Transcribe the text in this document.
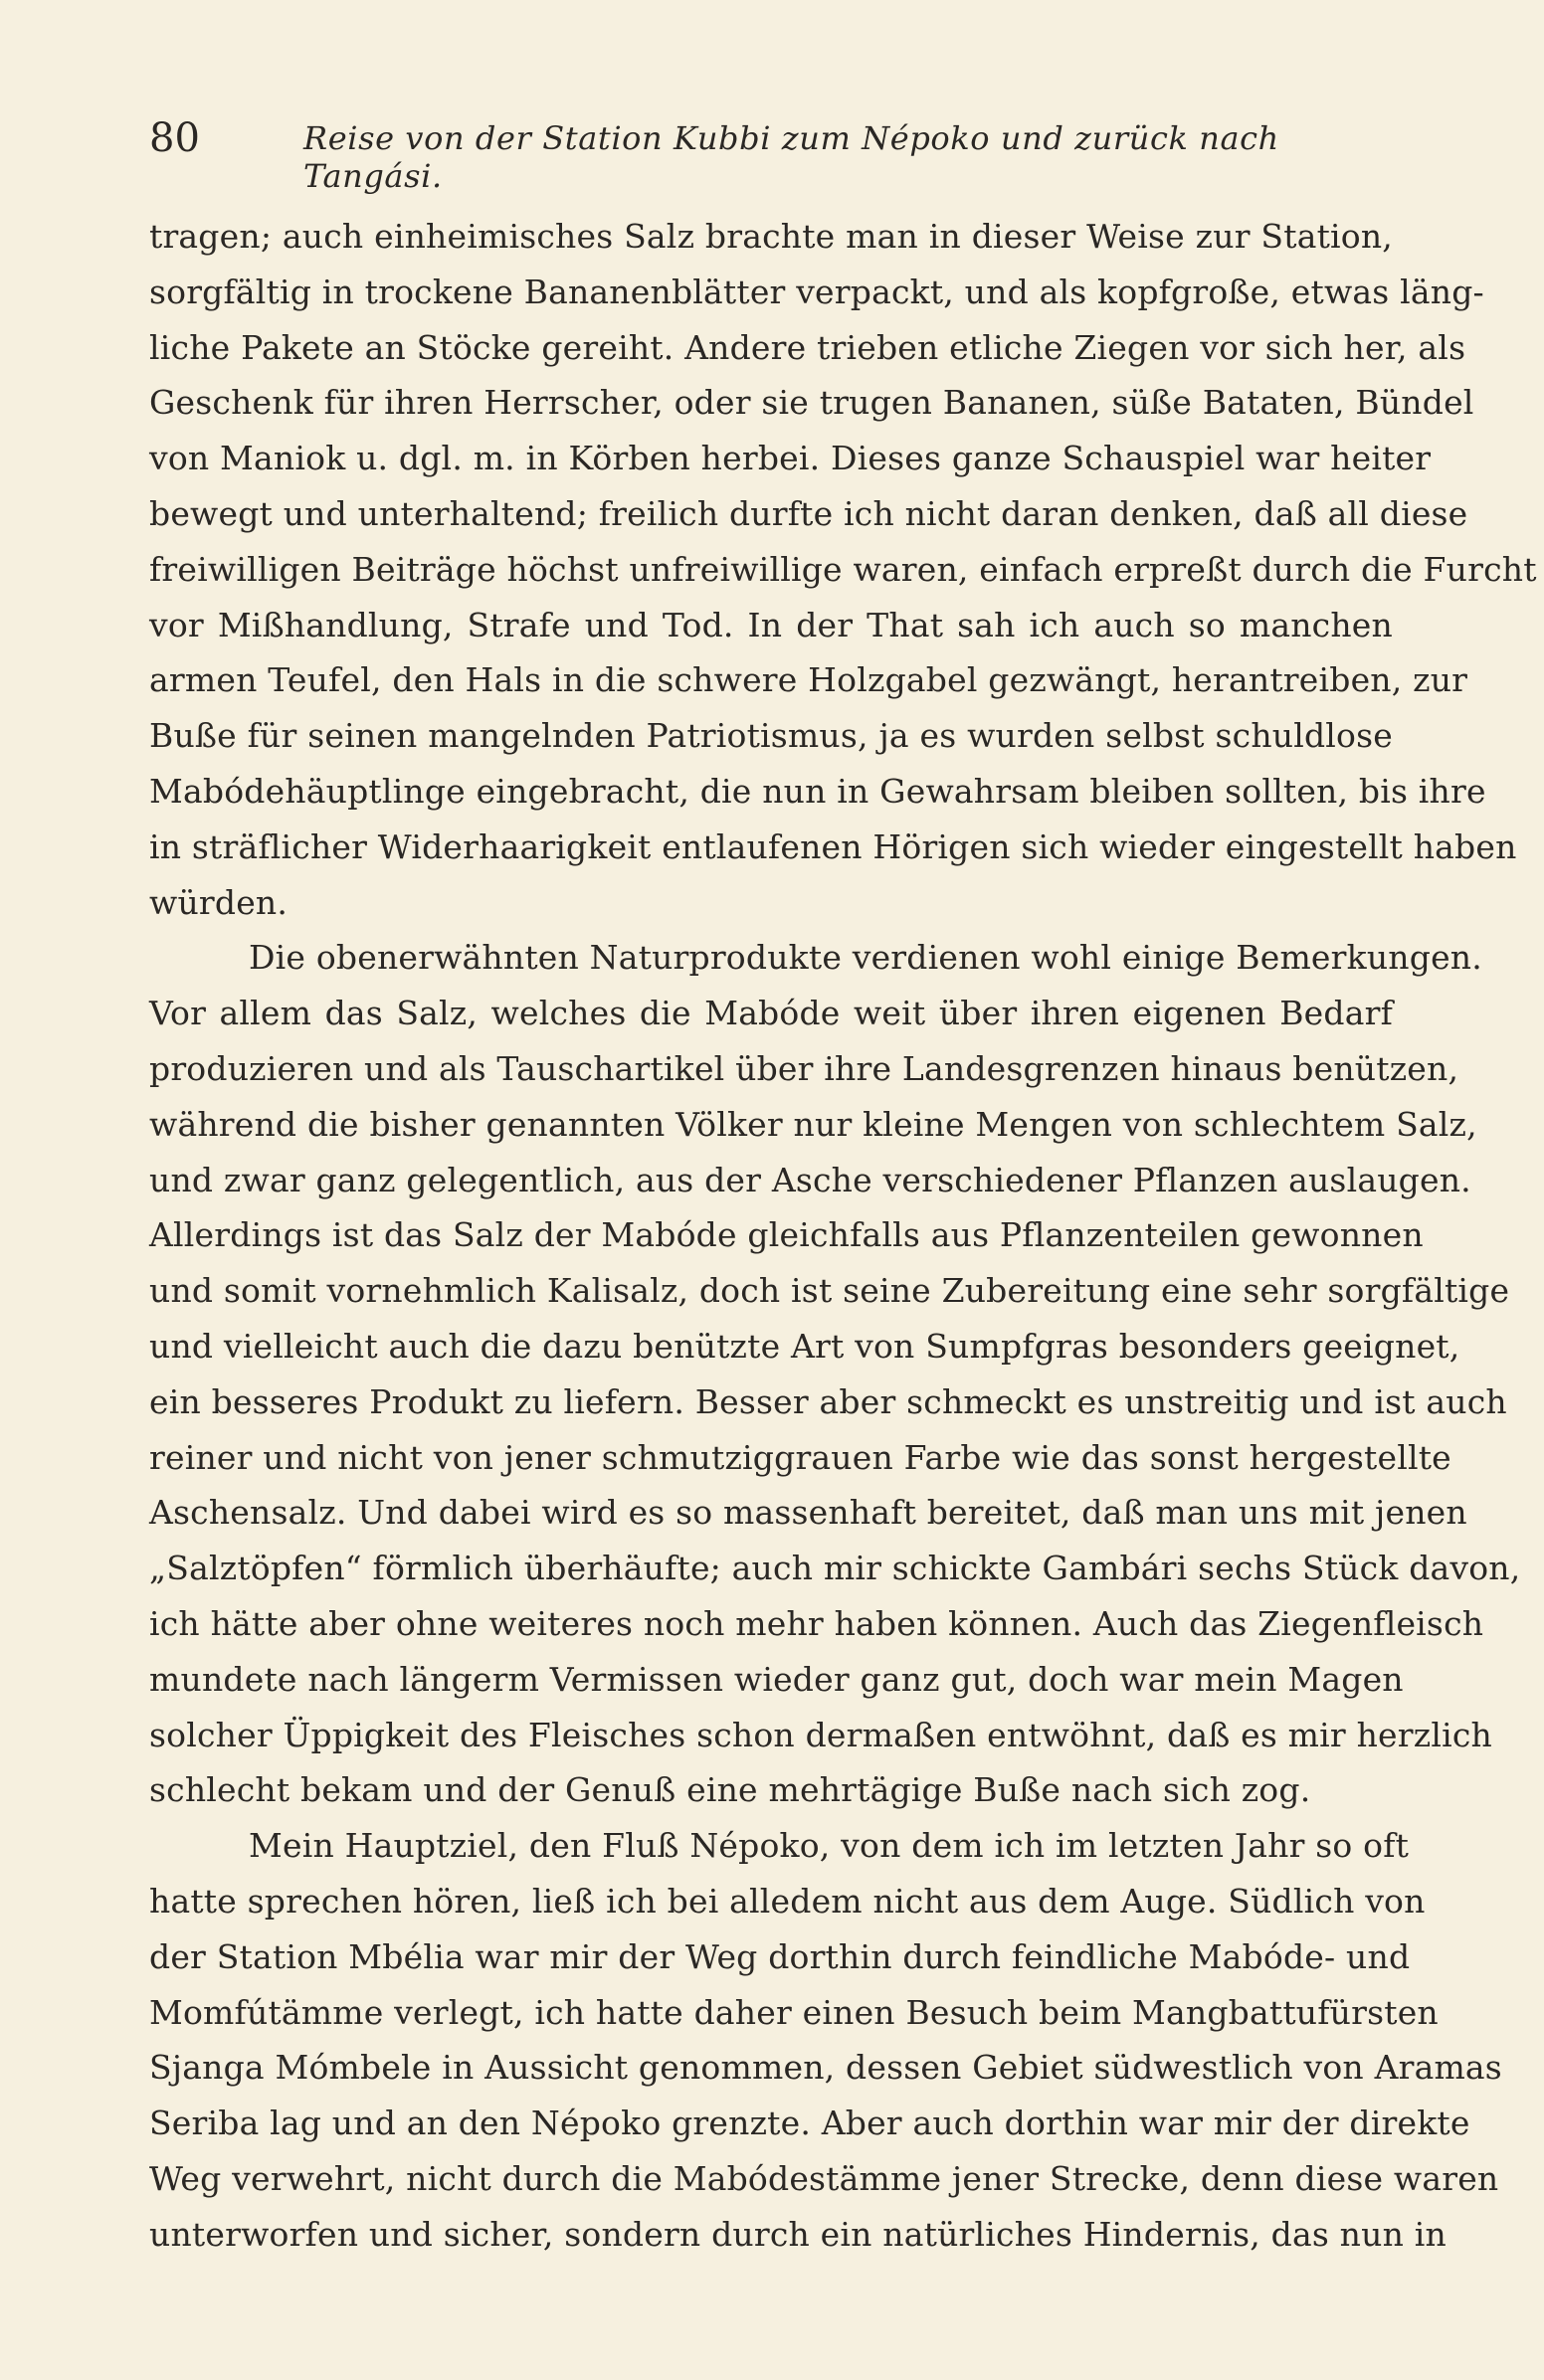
80	Reise von der Station Kubbi zum Népoko und zurück nach Tangási.
tragen; auch einheimisches Salz brachte man in dieser Weise zur Station,
sorgfältig in trockene Bananenblätter verpackt, und als kopfgroße, etwas läng-
liche Pakete an Stöcke gereiht. Andere trieben etliche Ziegen vor sich her, als
Geschenk für ihren Herrscher, oder sie trugen Bananen, süße Bataten, Bündel
von Maniok u. dgl. m. in Körben herbei. Dieses ganze Schauspiel war heiter
bewegt und unterhaltend; freilich durfte ich nicht daran denken, daß all diese
freiwilligen Beiträge höchst unfreiwillige waren, einfach erpreßt durch die Furcht
vor Mißhandlung, Strafe und Tod. In der That sah ich auch so manchen
armen Teufel, den Hals in die schwere Holzgabel gezwängt, herantreiben, zur
Buße für seinen mangelnden Patriotismus, ja es wurden selbst schuldlose
Mabódehäuptlinge eingebracht, die nun in Gewahrsam bleiben sollten, bis ihre
in sträflicher Widerhaarigkeit entlaufenen Hörigen sich wieder eingestellt haben
würden.
Die obenerwähnten Naturprodukte verdienen wohl einige Bemerkungen.
Vor allem das Salz, welches die Mabóde weit über ihren eigenen Bedarf
produzieren und als Tauschartikel über ihre Landesgrenzen hinaus benützen,
während die bisher genannten Völker nur kleine Mengen von schlechtem Salz,
und zwar ganz gelegentlich, aus der Asche verschiedener Pflanzen auslaugen.
Allerdings ist das Salz der Mabóde gleichfalls aus Pflanzenteilen gewonnen
und somit vornehmlich Kalisalz, doch ist seine Zubereitung eine sehr sorgfältige
und vielleicht auch die dazu benützte Art von Sumpfgras besonders geeignet,
ein besseres Produkt zu liefern. Besser aber schmeckt es unstreitig und ist auch
reiner und nicht von jener schmutziggrauen Farbe wie das sonst hergestellte
Aschensalz. Und dabei wird es so massenhaft bereitet, daß man uns mit jenen
„Salztöpfen“ förmlich überhäufte; auch mir schickte Gambári sechs Stück davon,
ich hätte aber ohne weiteres noch mehr haben können. Auch das Ziegenfleisch
mundete nach längerm Vermissen wieder ganz gut, doch war mein Magen
solcher Üppigkeit des Fleisches schon dermaßen entwöhnt, daß es mir herzlich
schlecht bekam und der Genuß eine mehrtägige Buße nach sich zog.
Mein Hauptziel, den Fluß Népoko, von dem ich im letzten Jahr so oft
hatte sprechen hören, ließ ich bei alledem nicht aus dem Auge. Südlich von
der Station Mbélia war mir der Weg dorthin durch feindliche Mabóde- und
Momfútämme verlegt, ich hatte daher einen Besuch beim Mangbattufürsten
Sjanga Mómbele in Aussicht genommen, dessen Gebiet südwestlich von Aramas
Seriba lag und an den Népoko grenzte. Aber auch dorthin war mir der direkte
Weg verwehrt, nicht durch die Mabódestämme jener Strecke, denn diese waren
unterworfen und sicher, sondern durch ein natürliches Hindernis, das nun in
